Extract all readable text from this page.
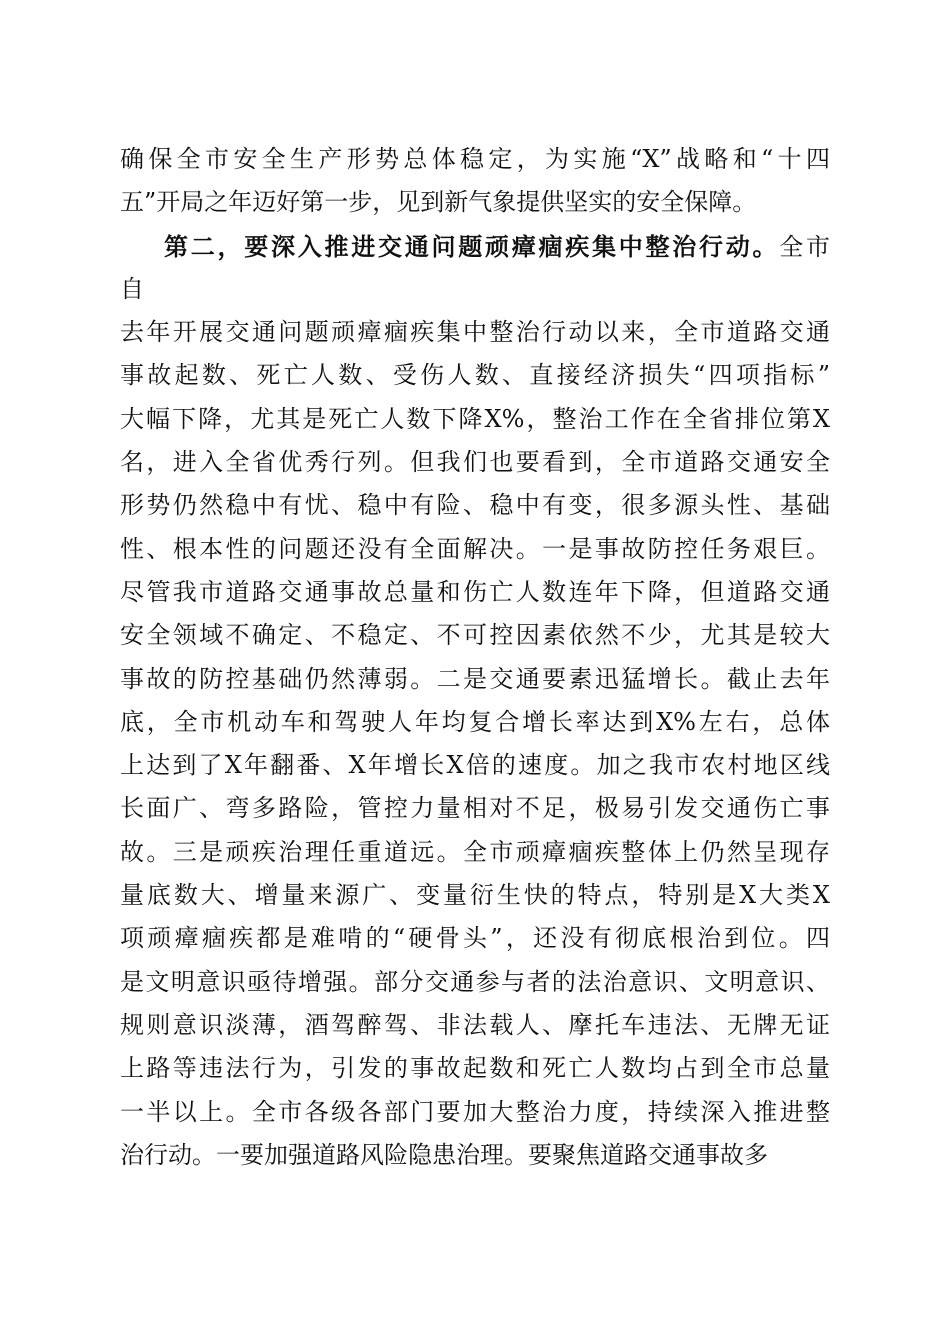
确保全市安全生产形势总体稳定，为实施“X”战略和“十四
五”开局之年迈好第一步，见到新气象提供坚实的安全保障。
第二，要深入推进交通问题顽瘴痼疾集中整治行动。全市
自
去年开展交通问题顽瘴痼疾集中整治行动以来，全市道路交通
事故起数、死亡人数、受伤人数、直接经济损失“四项指标”
大幅下降，尤其是死亡人数下降X%，整治工作在全省排位第X
名，进入全省优秀行列。但我们也要看到，全市道路交通安全
形势仍然稳中有忧、稳中有险、稳中有变，很多源头性、基础
性、根本性的问题还没有全面解决。一是事故防控任务艰巨。
尽管我市道路交通事故总量和伤亡人数连年下降，但道路交通
安全领域不确定、不稳定、不可控因素依然不少，尤其是较大
事故的防控基础仍然薄弱。二是交通要素迅猛增长。截止去年
底，全市机动车和驾驶人年均复合增长率达到X%左右，总体
上达到了X年翻番、X年增长X倍的速度。加之我市农村地区线
长面广、弯多路险，管控力量相对不足，极易引发交通伤亡事
故。三是顽疾治理任重道远。全市顽瘴痼疾整体上仍然呈现存
量底数大、增量来源广、变量衍生快的特点，特别是X大类X
项顽瘴痼疾都是难啃的“硬骨头”，还没有彻底根治到位。四
是文明意识亟待增强。部分交通参与者的法治意识、文明意识、
规则意识淡薄，酒驾醉驾、非法载人、摩托车违法、无牌无证
上路等违法行为，引发的事故起数和死亡人数均占到全市总量
一半以上。全市各级各部门要加大整治力度，持续深入推进整
治行动。一要加强道路风险隐患治理。要聚焦道路交通事故多
